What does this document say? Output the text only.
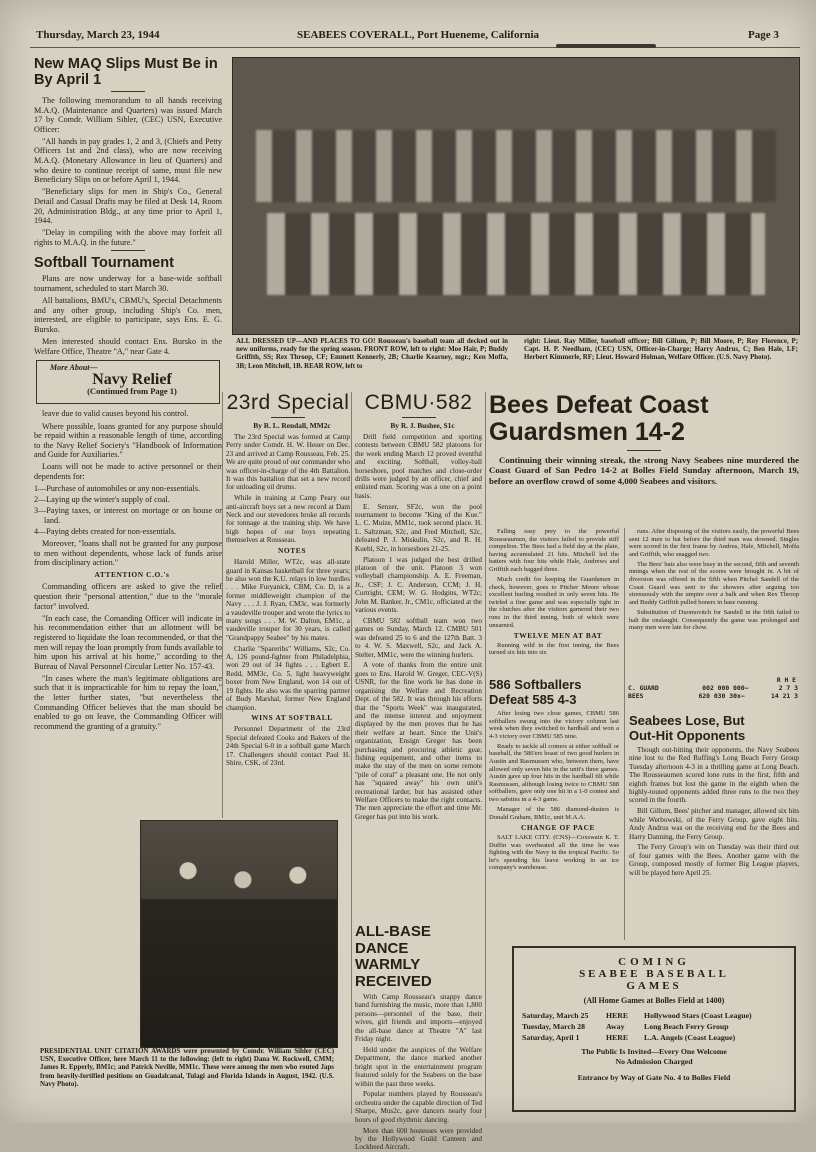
Thursday, March 23, 1944	SEABEES COVERALL, Port Hueneme, California	Page 3
ALL DRESSED UP—AND PLACES TO GO! Rousseau's baseball team all decked out in new uniforms, ready for the spring season. FRONT ROW, left to right: Moe Hair, P; Buddy Griffith, SS; Rex Throop, CF; Emmett Kennerly, 2B; Charlie Kearney, mgr.; Ken Moffa, 3B; Leon Mitchell, 1B. REAR ROW, left to
right: Lieut. Ray Miller, baseball officer; Bill Gilium, P; Bill Moore, P; Roy Florence, P; Capt. H. P. Needham, (CEC) USN, Officer-in-Charge; Harry Andrus, C; Ben Hale, LF; Herbert Kimmerle, RF; Lieut. Howard Holman, Welfare Officer. (U.S. Navy Photo).
New MAQ Slips Must Be in By April 1

The following memorandum to all hands receiving M.A.Q. (Maintenance and Quarters) was issued March 17 by Comdr. William Sihler, (CEC) USN, Executive Officer:

"All hands in pay grades 1, 2 and 3, (Chiefs and Petty Officers 1st and 2nd class), who are now receiving M.A.Q. (Monetary Allowance in lieu of Quarters) and who desire to continue receipt of same, must file new Beneficiary Slips on or before April 1, 1944.

"Beneficiary slips for men in Ship's Co., General Detail and Casual Drafts may be filed at Desk 14, Room 20, Administration Bldg., at any time prior to April 1, 1944.

"Delay in compiling with the above may forfeit all rights to M.A.Q. in the future."

Softball Tournament

Plans are now underway for a base-wide softball tournament, scheduled to start March 30.

All battalions, BMU's, CBMU's, Special Detachments and any other group, including Ship's Co. men, interested, are eligible to participate, says Ens. E. G. Bursko.

Men interested should contact Ens. Bursko in the Welfare Office, Theatre "A," near Gate 4.

More About—

Navy Relief

(Continued from Page 1)

leave due to valid causes beyond his control.

Where possible, loans granted for any purpose should be repaid within a reasonable length of time, according to the Navy Relief Society's "Handbook of Information and Guide for Auxiliaries."

Loans will not be made to active personnel or their dependents for:

1—Purchase of automobiles or any non-essentials.
2—Laying up the winter's supply of coal.
3—Paying taxes, or interest on mortage or on house or land.
4—Paying debts created for non-essentials.

Moreover, "loans shall not be granted for any purpose to men without dependents, whose lack of funds arise from disciplinary action."

ATTENTION C.O.'s

Commanding officers are asked to give the relief question their "personal attention," due to the "morale factor" involved.

"In each case, the Comanding Officer will indicate in his recommendation either that an allotment will be registered to liquidate the loan recommended, or that the men will repay the loan promptly from funds available to him upon his arrival at his home," according to the Bureau of Naval Personnel Circular Letter No. 157-43.

"In cases where the man's legitimate obligations are such that it is impracticable for him to repay the loan," the letter further states, "but nevertheless the Commanding Officer believes that the man should be enabled to go on leave, the Commanding Officer will recommend the granting of a gratuity."

23rd Special

By R. L. Rendall, MM2c

The 23rd Special was formed at Camp Perry under Comdr. H. W. Heuer on Dec. 23 and arrived at Camp Rousseau, Feb. 25. We are quite proud of our commander who was officer-in-charge of the 4th Battalion. It was this battalion that set a new record for unloading oil drums.

While in training at Camp Peary our anti-aircraft boys set a new record at Dam Neck and our stevedores broke all records for tonnage at the training ship. We have high hopes of our boys repeating themselves at Rousseau.

NOTES

Harold Miller, WT2c, was all-state guard in Kansas basketball for three years; he also won the K.U. relays in low hurdles . . . Mike Furyanick, CBM, Co. D, is a former middleweight champion of the Navy . . . J. J. Ryan, CM3c, was formerly a vaudeville trouper and wrote the lyrics to many songs . . . M. W. Dalton, EM1c, a vaudeville trouper for 30 years, is called "Grandpappy Seabee" by his mates.

Charlie "Spareribs" Williams, S2c, Co. A, 126 pound-fighter from Philadelphia, won 29 out of 34 fights . . . Egbert E. Redd, MM3c, Co. 5, light heavyweight boxer from New England, won 14 out of 19 fights. He also was the sparring partner of Budy Marshal, former New England champion.

WINS AT SOFTBALL

Personnel Department of the 23rd Special defeated Cooks and Bakers of the 24th Special 6-0 in a softball game March 17. Challengers should contact Paul H. Shire, CSK, of 23rd.

CBMU·582

By R. J. Bushee, S1c

Drill field competition and sporting contests between CBMU 582 platoons for the week ending March 12 proved eventful and exciting. Softball, volley-ball horseshoes, pool matches and close-order drills were judged by an officer, chief and enlisted man. Scoring was a one on a point basis.

E. Senzer, SF2c, won the pool tournament to become "King of the Kue." L. C. Muize, MM1c, took second place. H. L. Saltzman, S2c, and Fred Mitchell, S2c, defeated P. J. Miskulin, S2c, and R. H. Kuehl, S2c, in horseshoes 21-25.

Platoon 1 was judged the best drilled platoon of the unit. Platoon 3 won volleyball championship. A. E. Freeman, Jr., CSF; J. C. Anderson, CCM; J. H. Curtright, CEM; W. G. Hodgins, WT2c; John M. Banker, Jr., CM1c, officiated at the various events.

CBMU 582 softball team won two games on Sunday, March 12. CMBU 501 was defeated 25 to 6 and the 127th Batt. 3 to 4. W. S. Maxwell, S2c, and Jack A. Stelter, MM1c, were the winning hurlers.

A vote of thanks from the entire unit goes to Ens. Harold W. Greger, CEC-V(S) USNR, for the fine work he has done in organising the Welfare and Recreation Dept. of the 582. It was through his efforts that the "Sports Week" was inaugurated, and the intense interest and enjoyment displayed by the men proves that he has their welfare at heart. Since the Unit's organization, Ensign Greger has been purchasing and procuring athletic gear, fishing equipement, and other items to make the stay of the men on some remote "pile of coral" a pleasant one. He not only has "squared away" his own unit's recreational larder, but has assisted other Welfare Officers to make the right contacts. The men appreciate the effort and time Mr. Greger has put into his work.

ALL-BASE DANCE
WARMLY RECEIVED

With Camp Rousseau's snappy dance band furnishing the music, more than 1,800 persons—personnel of the base, their wives, girl friends and imports—enjoyed the all-base dance at Theatre "A" last Friday night.

Held under the auspices of the Welfare Department, the dance marked another bright spot in the entertainment program featured solely for the Seabees on the base within the past three weeks.

Popular numbers played by Rousseau's orchestra under the capable direction of Ted Sharpe, Mus2c, gave dancers nearly four hours of good rhythmic dancing.

More than 600 hostesses were provided by the Hollywood Guild Canteen and Lockheed Aircraft.

Bees Defeat Coast
Guardsmen 14-2

Continuing their winning streak, the strong Navy Seabees nine murdered the Coast Guard of San Pedro 14-2 at Bolles Field Sunday afternoon, March 19, before an overflow crowd of some 4,000 Seabees and visitors.

Falling easy prey to the powerful Rousseaumen, the visitors failed to provide stiff compelion. The Bees had a field day at the plate, having accumulated 21 hits. Mitchell led the batters with four hits while Hale, Andrews and Griffith each bagged three.

Much credit for keeping the Guardsmen in check, however, goes to Pitcher Moore whose excellent hurling resulted in only seven hits. He twirled a fine game and was especially tight in the clutches after the visitors garnered their two runs in the third inning, both of which were unearned.

TWELVE MEN AT BAT

Running wild in the first inning, the Bees turned six hits into six

586 Softballers
Defeat 585 4-3

After losing two close games, CBMU 586 softballers swung into the victory column last week when they switched to hardball and won a 4-3 victory over CBMU 585 nine.

Ready to tackle all comers at either softball or baseball, the 586'ers boast of two good hurlers in Austin and Rasmussen who, between them, have allowed only seven hits in the unit's three games. Austin gave up four hits in the hardball tilt while Rasmussen, although losing twice to CBMU 588 softballers, gave only one hit in a 1-0 contest and two safeties in a 4-3 game.

Manager of the 586 diamond-dusters is Donald Graham, BM1c, unit M.A.A.

CHANGE OF PACE

SALT LAKE CITY. (CNS)—Coxswain K. T. Duffin was overheated all the time he was fighting with the Navy in the tropical Pacific. So he's spending his leave working in an ice company's warehouse.

runs. After disposing of the visitors easily, the powerful Bees sent 12 men to bat before the third man was downed. Singles were scored in the first frame by Andrus, Hale, Mitchell, Moffa and Griffith, who snagged two.

The Bees' bats also were busy in the second, fifth and seventh innings when the rest of the scores were brought in. A bit of diversion was offered in the fifth when Pitchel Sandell of the Coast Guard was sent to the showers after arguing too strenuously with the umpire over a balk and when Rex Throop and Buddy Griffith pulled boners in base running.

Substitution of Duomovitch for Sandell in the fifth failed to halt the onslaught. Consequently the game was prolonged and many men were late for chow.

R H E
C. GUARD	002 000 000—	2 7 3
BEES	620 030 30x—	14 21 3
Seabees Lose, But
Out-Hit Opponents

Though out-hitting their opponents, the Navy Seabees nine lost to the Red Ruffing's Long Beach Ferry Group Tuesday afternoon 4-3 in a thrilling game at Long Beach. The Rousseaumen scored lone runs in the first, fifth and eighth frames but lost the game in the eighth when the highly-touted opponents added three runs to the two they scored in the fourth.

Bill Gillum, Bees' pitcher and manager, allowed six hits while Werbowski, of the Ferry Group, gave eight hits. Andy Andrus was on the receiving end for the Bees and Harry Danning, the Ferry Group.

The Ferry Group's win on Tuesday was their third out of four games with the Bees. Another game with the Group, composed mostly of former Big League players, will be played here April 25.

PRESIDENTIAL UNIT CITATION AWARDS were presented by Comdr. William Sihler (CEC) USN, Executive Officer, here March 11 to the following: (left to right) Dana W. Rockwell, CMM; James R. Epperly, BM1c; and Patrick Neville, MM1c. These were among the men who routed Japs from heavily-fortified positions on Guadalcanal, Tulagi and Florida Islands in August, 1942. (U.S. Navy Photo).

COMING

SEABEE BASEBALL

GAMES

(All Home Games at Bolles Field at 1400)

Saturday, March 25	HERE	Hollywood Stars (Coast League)
Tuesday, March 28	Away	Long Beach Ferry Group
Saturday, April 1	HERE	L.A. Angels (Coast League)

The Public Is Invited—Every One Welcome

No Admission Charged

Entrance by Way of Gate No. 4 to Bolles Field
